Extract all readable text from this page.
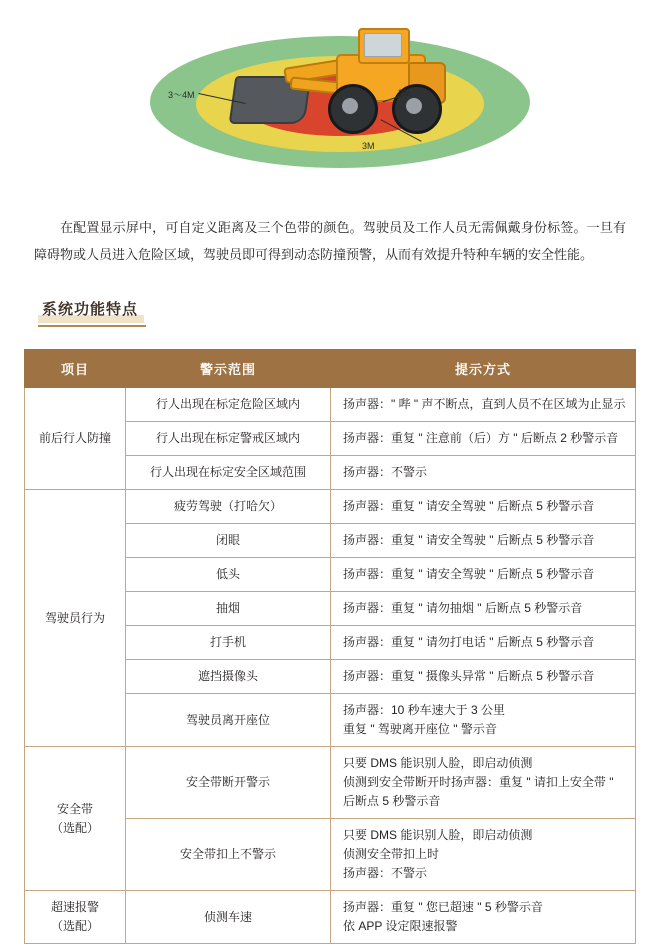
3～4M	2M
3M

在配置显示屏中，可自定义距离及三个色带的颜色。驾驶员及工作人员无需佩戴身份标签。一旦有障碍物或人员进入危险区域，驾驶员即可得到动态防撞预警，从而有效提升特种车辆的安全性能。

系统功能特点
项目	警示范围	提示方式

前后行人防撞	行人出现在标定危险区域内	扬声器：" 哔 " 声不断点，直到人员不在区域为止显示

	行人出现在标定警戒区域内	扬声器：重复 " 注意前（后）方 " 后断点 2 秒警示音

	行人出现在标定安全区域范围	扬声器：不警示

驾驶员行为	疲劳驾驶（打哈欠）	扬声器：重复 " 请安全驾驶 " 后断点 5 秒警示音

	闭眼	扬声器：重复 " 请安全驾驶 " 后断点 5 秒警示音

	低头	扬声器：重复 " 请安全驾驶 " 后断点 5 秒警示音

	抽烟	扬声器：重复 " 请勿抽烟 " 后断点 5 秒警示音

	打手机	扬声器：重复 " 请勿打电话 " 后断点 5 秒警示音

	遮挡摄像头	扬声器：重复 " 摄像头异常 " 后断点 5 秒警示音

	驾驶员离开座位	扬声器：10 秒车速大于 3 公里
重复 " 驾驶离开座位 " 警示音

安全带
（选配）	安全带断开警示	只要 DMS 能识别人脸，即启动侦测
侦测到安全带断开时扬声器：重复 " 请扣上安全带 "
后断点 5 秒警示音

	安全带扣上不警示	只要 DMS 能识别人脸，即启动侦测
侦测安全带扣上时
扬声器：不警示

超速报警
（选配）	侦测车速	扬声器：重复 " 您已超速 " 5 秒警示音
依 APP 设定限速报警
